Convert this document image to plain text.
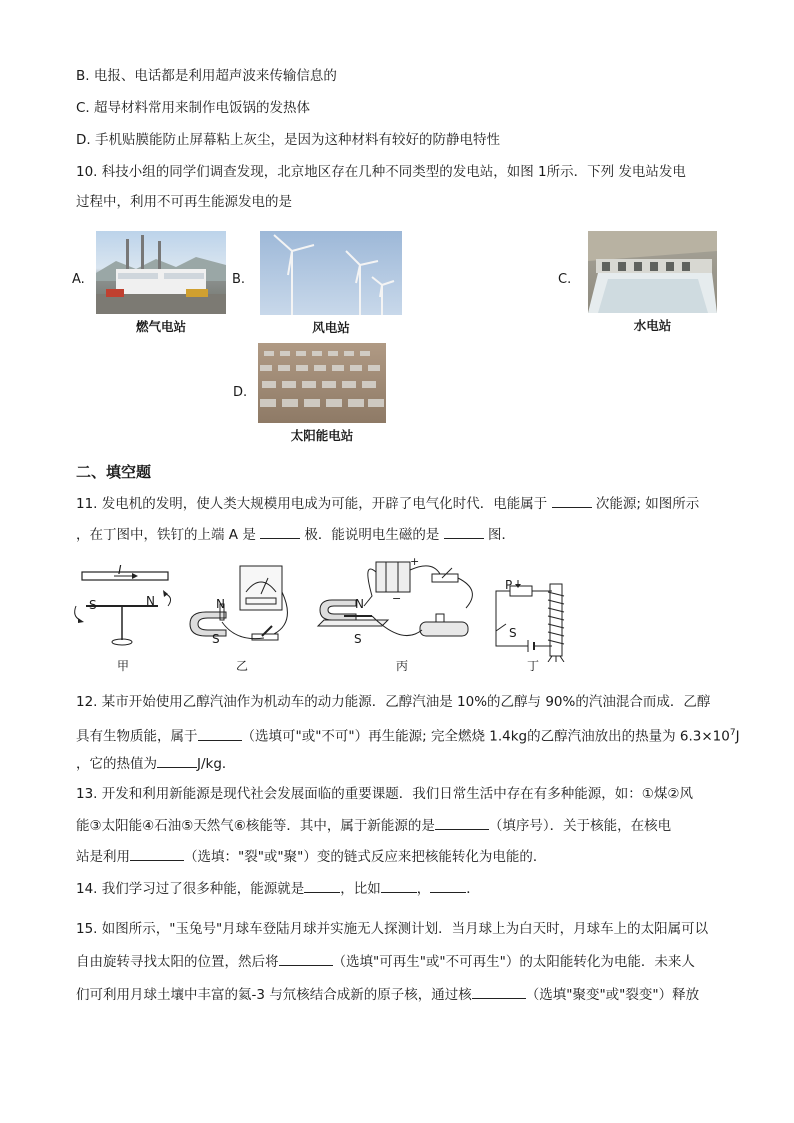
B. 电报、电话都是利用超声波来传输信息的
C. 超导材料常用来制作电饭锅的发热体
D. 手机贴膜能防止屏幕粘上灰尘，是因为这种材料有较好的防静电特性
10. 科技小组的同学们调查发现，北京地区存在几种不同类型的发电站，如图 1所示．下列 发电站发电
过程中，利用不可再生能源发电的是
A.
燃气电站
B.
风电站
C.
水电站
D.
太阳能电站
二、填空题
11. 发电机的发明，使人类大规模用电成为可能，开辟了电气化时代．电能属于	次能源; 如图所示
，在丁图中，铁钉的上端 A 是	极．能说明电生磁的是	图．
I
S	N
甲
N
S
乙
N
S
+
−
丙
P
S
丁
12. 某市开始使用乙醇汽油作为机动车的动力能源．乙醇汽油是 10%的乙醇与 90%的汽油混合而成．乙醇
具有生物质能，属于	（选填可"或"不可"）再生能源; 完全燃烧 1.4kg的乙醇汽油放出的热量为 $6.3\times 10^7J$
，它的热值为	J/kg．
13. 开发和利用新能源是现代社会发展面临的重要课题．我们日常生活中存在有多种能源，如：①煤②风
能③太阳能④石油⑤天然气⑥核能等．其中，属于新能源的是	（填序号）．关于核能，在核电
站是利用	（选填："裂"或"聚"）变的链式反应来把核能转化为电能的．
14. 我们学习过了很多种能，能源就是	，比如	，	．
15. 如图所示，"玉兔号"月球车登陆月球并实施无人探测计划．当月球上为白天时，月球车上的太阳属可以
自由旋转寻找太阳的位置，然后将	（选填"可再生"或"不可再生"）的太阳能转化为电能．未来人
们可利用月球土壤中丰富的氦-3 与氘核结合成新的原子核，通过核	（选填"聚变"或"裂变"）释放
